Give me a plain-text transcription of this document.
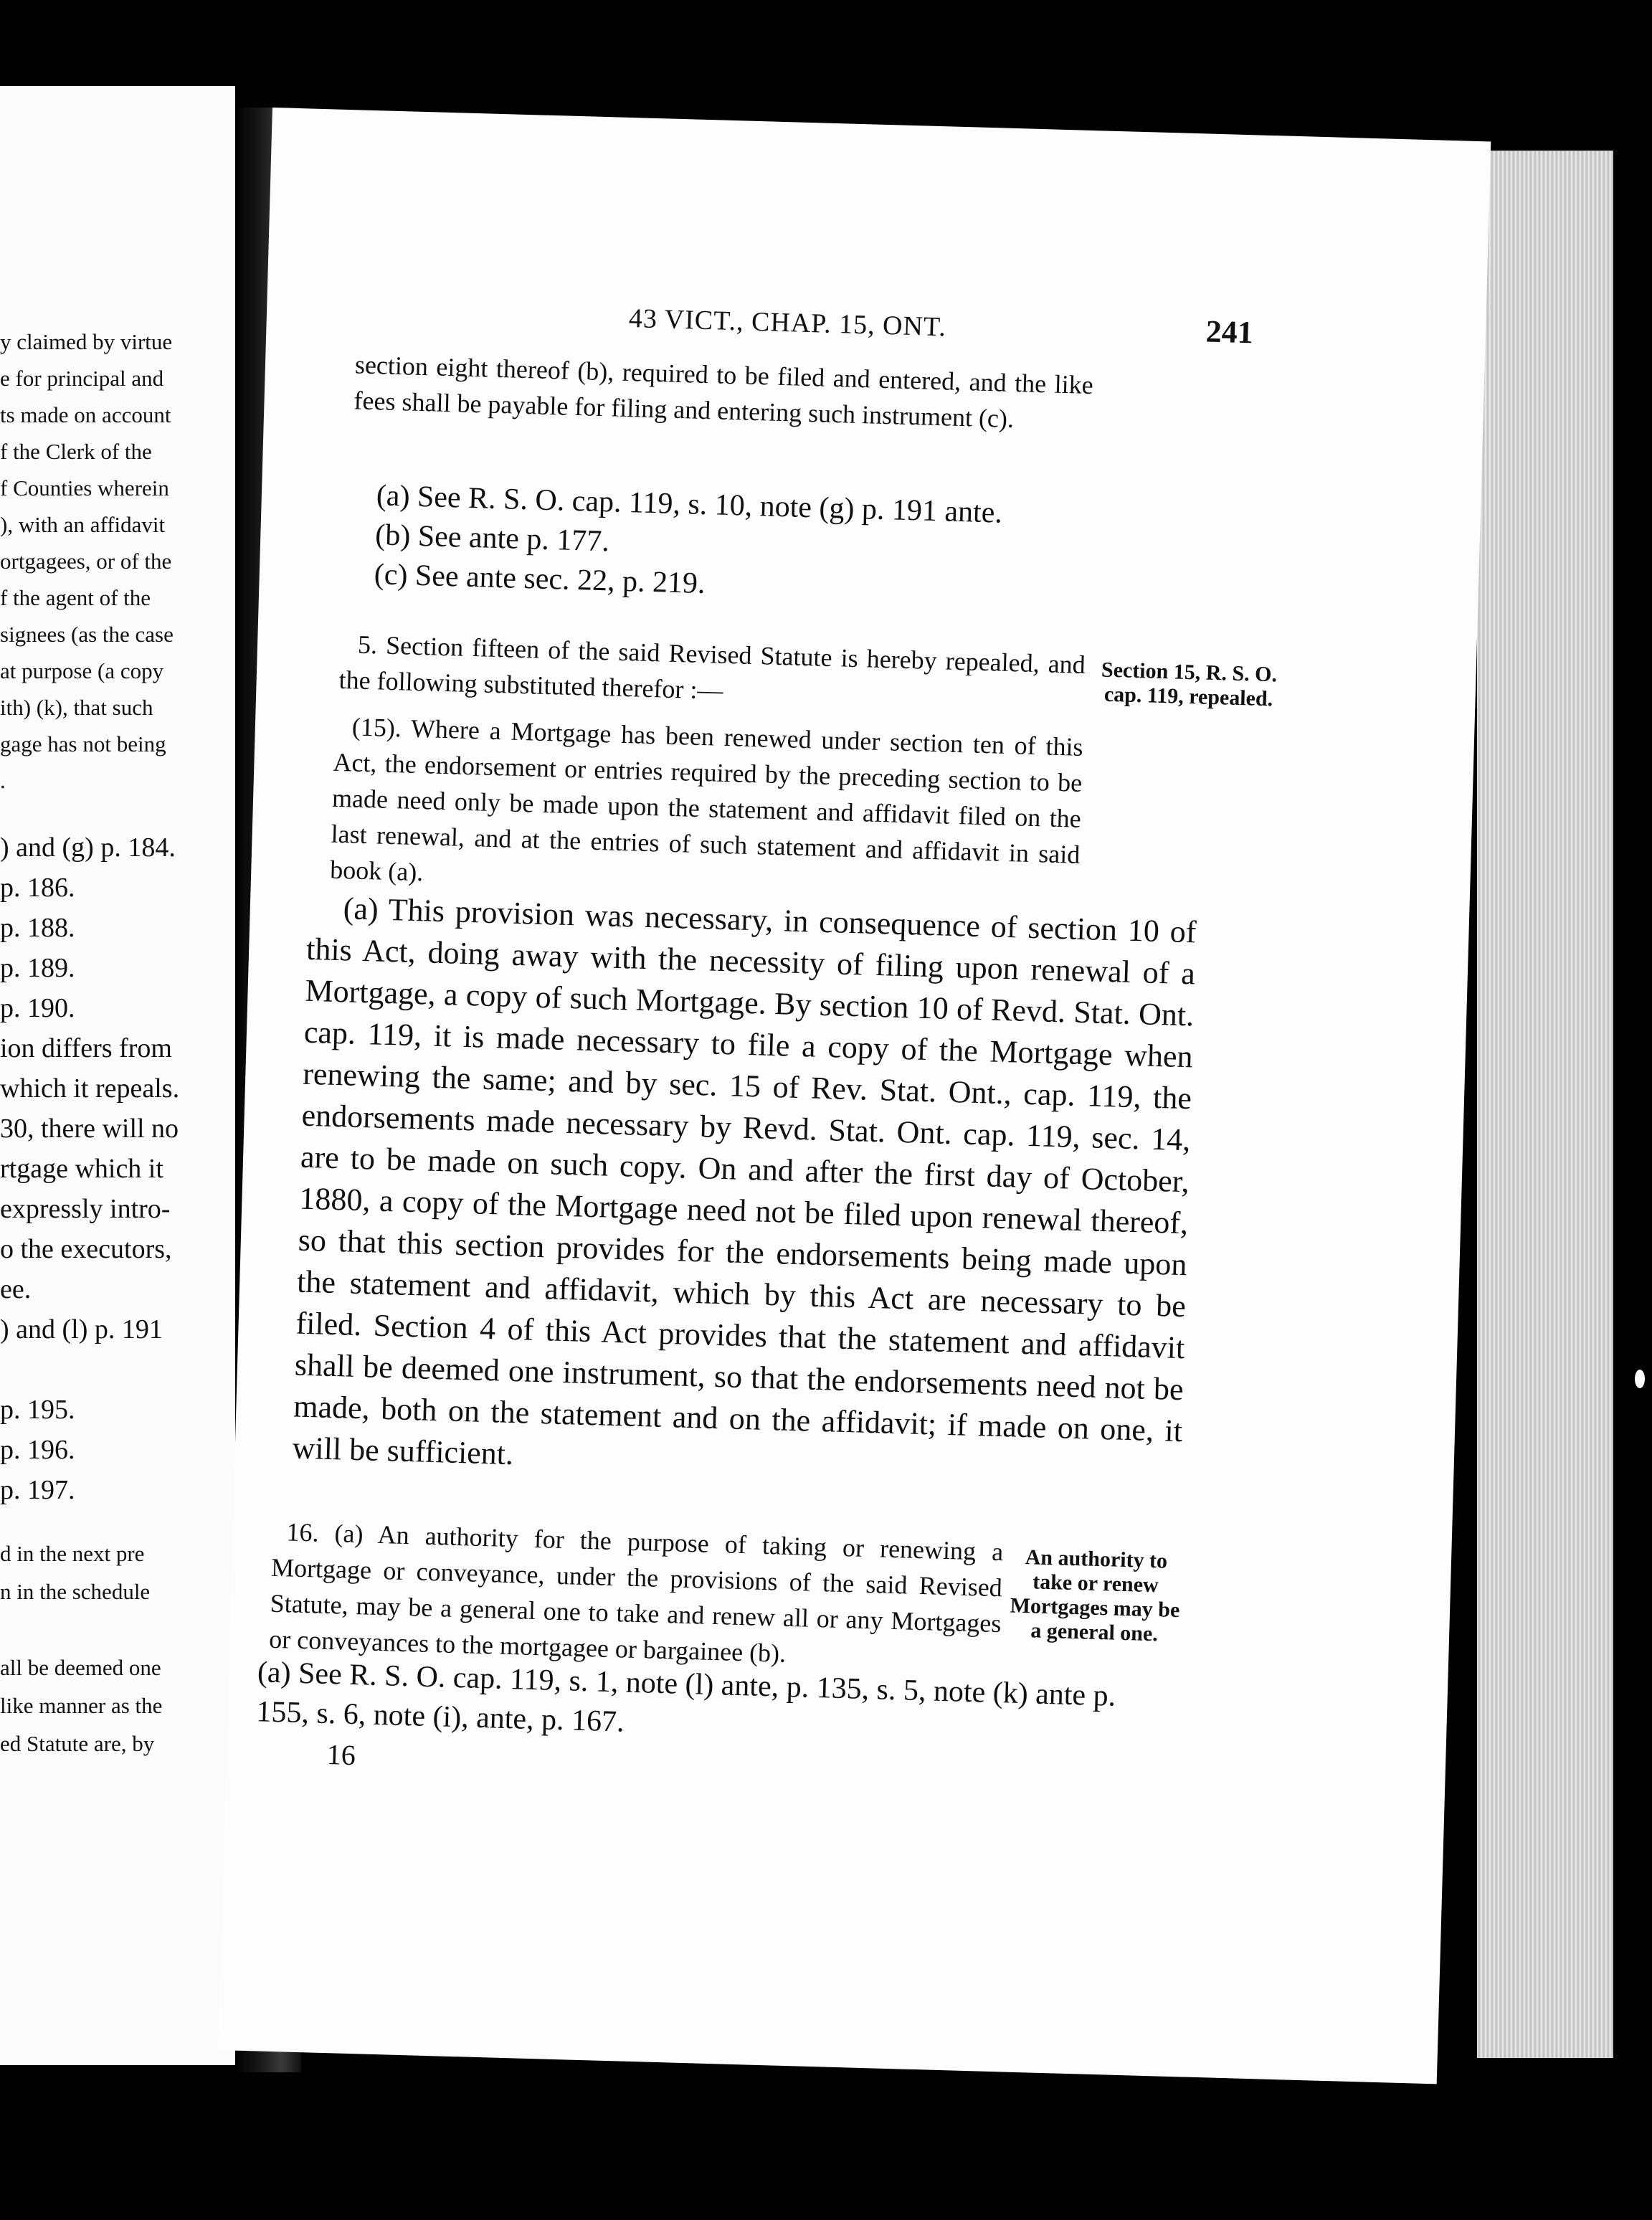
y claimed by virtue
e for principal and
ts made on account
f the Clerk of the
f Counties wherein
), with an affidavit
ortgagees, or of the
f the agent of the
signees (as the case
at purpose (a copy
ith) (k), that such
gage has not being
.
) and (g) p. 184.
p. 186.
p. 188.
p. 189.
p. 190.
ion differs from
which it repeals.
30, there will no
rtgage which it
expressly intro-
o the executors,
ee.
) and (l) p. 191
p. 195.
p. 196.
p. 197.
d in the next pre
n in the schedule
all be deemed one
like manner as the
ed Statute are, by
43 VICT., CHAP. 15, ONT.	241

section eight thereof (b), required to be filed and entered, and the like fees shall be payable for filing and entering such instrument (c).

(a) See R. S. O. cap. 119, s. 10, note (g) p. 191 ante.

(b) See ante p. 177.

(c) See ante sec. 22, p. 219.

5. Section fifteen of the said Revised Statute is hereby repealed, and the following substituted therefor :—	Section 15, R. S. O. cap. 119, repealed.

(15). Where a Mortgage has been renewed under section ten of this Act, the endorsement or entries required by the preceding section to be made need only be made upon the statement and affidavit filed on the last renewal, and at the entries of such statement and affidavit in said book (a).

(a) This provision was necessary, in consequence of section 10 of this Act, doing away with the necessity of filing upon renewal of a Mortgage, a copy of such Mortgage. By section 10 of Revd. Stat. Ont. cap. 119, it is made necessary to file a copy of the Mortgage when renewing the same; and by sec. 15 of Rev. Stat. Ont., cap. 119, the endorsements made necessary by Revd. Stat. Ont. cap. 119, sec. 14, are to be made on such copy. On and after the first day of October, 1880, a copy of the Mortgage need not be filed upon renewal thereof, so that this section provides for the endorsements being made upon the statement and affidavit, which by this Act are necessary to be filed. Section 4 of this Act provides that the statement and affidavit shall be deemed one instrument, so that the endorsements need not be made, both on the statement and on the affidavit; if made on one, it will be sufficient.

16. (a) An authority for the purpose of taking or renewing a Mortgage or conveyance, under the provisions of the said Revised Statute, may be a general one to take and renew all or any Mortgages or conveyances to the mortgagee or bargainee (b).

An authority to take or renew Mortgages may be a general one.

(a) See R. S. O. cap. 119, s. 1, note (l) ante, p. 135, s. 5, note (k) ante p. 155, s. 6, note (i), ante, p. 167.

16
